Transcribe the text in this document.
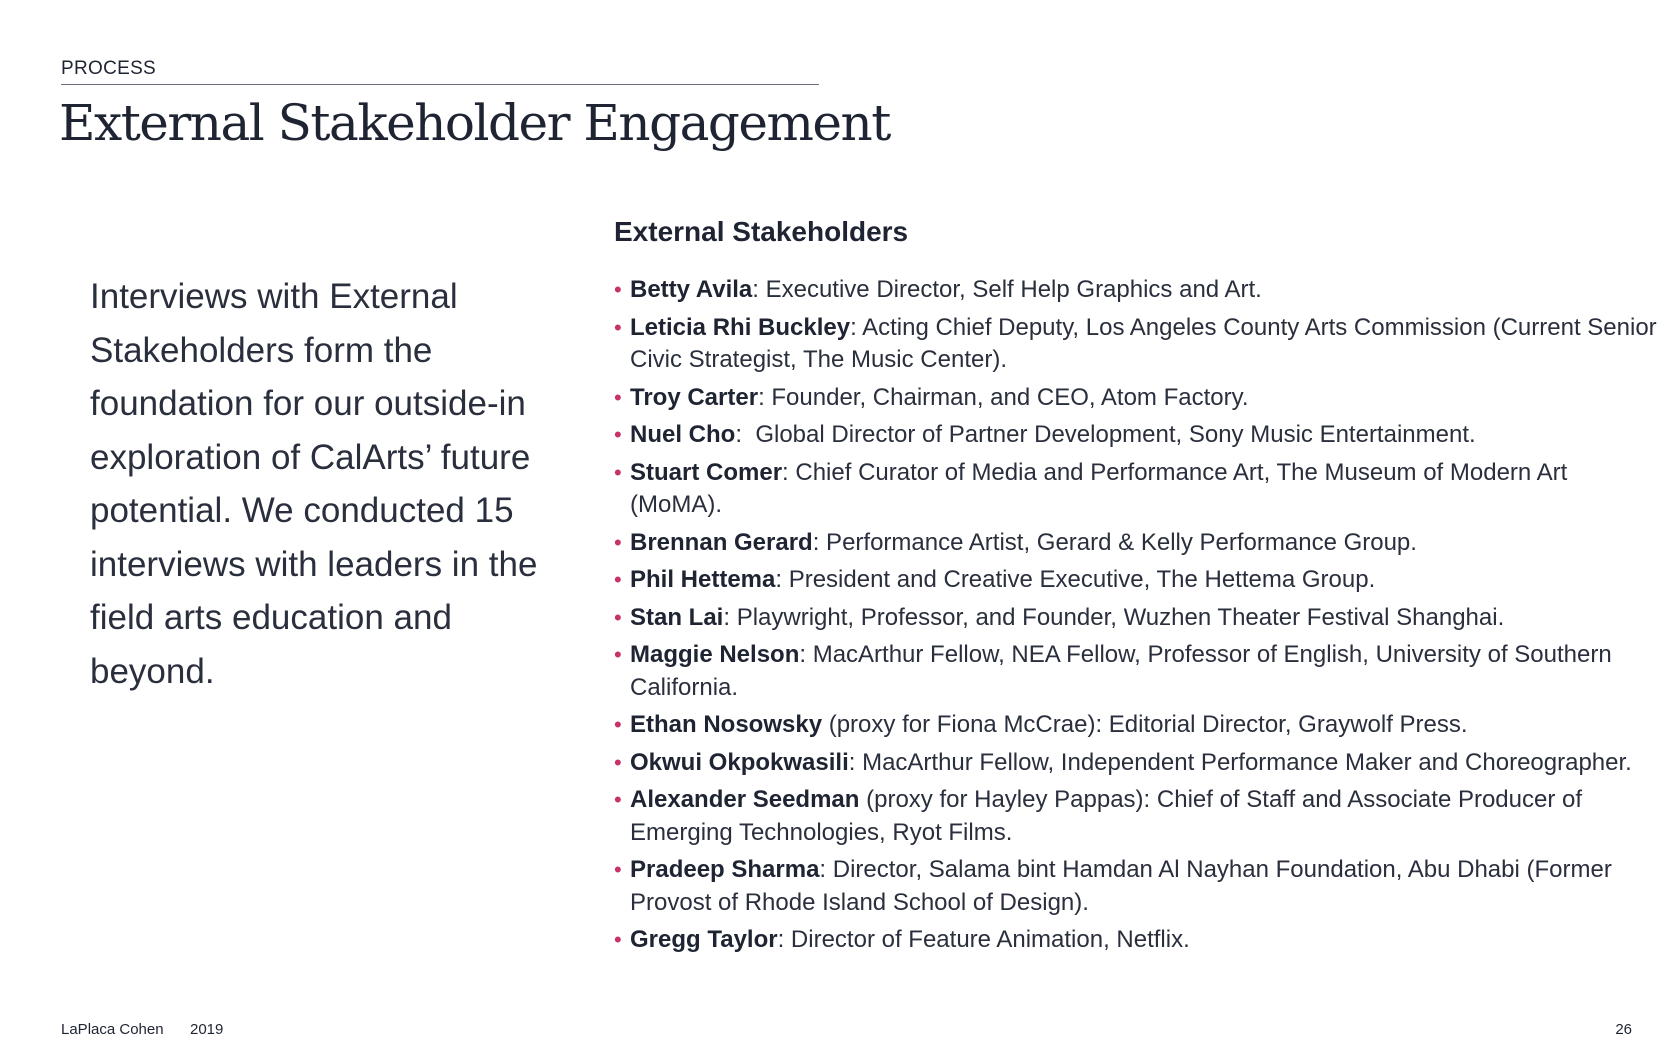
PROCESS
External Stakeholder Engagement

Interviews with External Stakeholders form the foundation for our outside-in exploration of CalArts’ future potential. We conducted 15 interviews with leaders in the field arts education and beyond.

External Stakeholders
• Betty Avila: Executive Director, Self Help Graphics and Art.
• Leticia Rhi Buckley: Acting Chief Deputy, Los Angeles County Arts Commission (Current Senior Civic Strategist, The Music Center).
• Troy Carter: Founder, Chairman, and CEO, Atom Factory.
• Nuel Cho:  Global Director of Partner Development, Sony Music Entertainment.
• Stuart Comer: Chief Curator of Media and Performance Art, The Museum of Modern Art (MoMA).
• Brennan Gerard: Performance Artist, Gerard & Kelly Performance Group.
• Phil Hettema: President and Creative Executive, The Hettema Group.
• Stan Lai: Playwright, Professor, and Founder, Wuzhen Theater Festival Shanghai.
• Maggie Nelson: MacArthur Fellow, NEA Fellow, Professor of English, University of Southern California.
• Ethan Nosowsky (proxy for Fiona McCrae): Editorial Director, Graywolf Press.
• Okwui Okpokwasili: MacArthur Fellow, Independent Performance Maker and Choreographer.
• Alexander Seedman (proxy for Hayley Pappas): Chief of Staff and Associate Producer of Emerging Technologies, Ryot Films.
• Pradeep Sharma: Director, Salama bint Hamdan Al Nayhan Foundation, Abu Dhabi (Former Provost of Rhode Island School of Design).
• Gregg Taylor: Director of Feature Animation, Netflix.
LaPlaca Cohen 2019	26
